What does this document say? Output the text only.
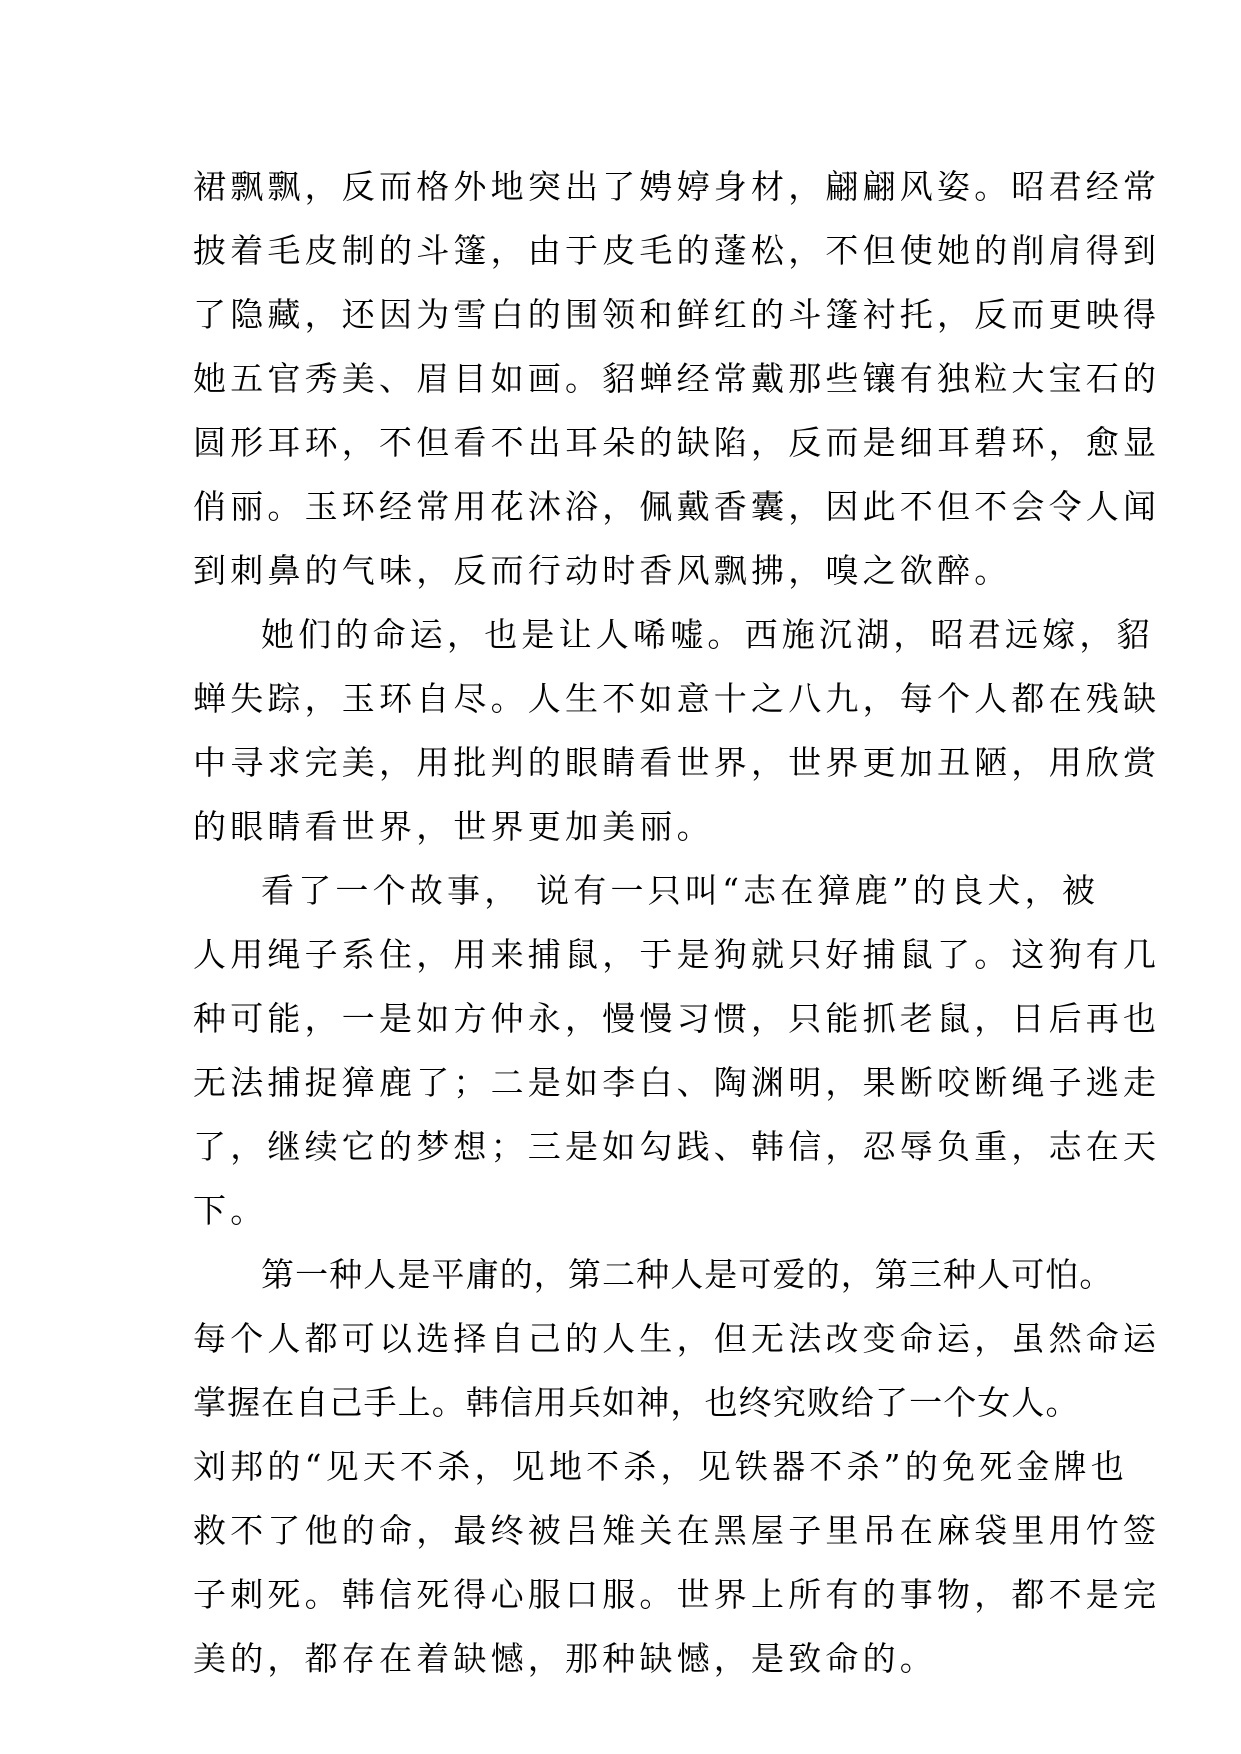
裙飘飘，反而格外地突出了娉婷身材，翩翩风姿。昭君经常
披着毛皮制的斗篷，由于皮毛的蓬松，不但使她的削肩得到
了隐藏，还因为雪白的围领和鲜红的斗篷衬托，反而更映得
她五官秀美、眉目如画。貂蝉经常戴那些镶有独粒大宝石的
圆形耳环，不但看不出耳朵的缺陷，反而是细耳碧环，愈显
俏丽。玉环经常用花沐浴，佩戴香囊，因此不但不会令人闻
到刺鼻的气味，反而行动时香风飘拂，嗅之欲醉。
她们的命运，也是让人唏嘘。西施沉湖，昭君远嫁，貂
蝉失踪，玉环自尽。人生不如意十之八九，每个人都在残缺
中寻求完美，用批判的眼睛看世界，世界更加丑陋，用欣赏
的眼睛看世界，世界更加美丽。
看了一个故事， 说有一只叫“志在獐鹿”的良犬，被
人用绳子系住，用来捕鼠，于是狗就只好捕鼠了。这狗有几
种可能，一是如方仲永，慢慢习惯，只能抓老鼠，日后再也
无法捕捉獐鹿了；二是如李白、陶渊明，果断咬断绳子逃走
了，继续它的梦想；三是如勾践、韩信，忍辱负重，志在天
下。
第一种人是平庸的，第二种人是可爱的，第三种人可怕。
每个人都可以选择自己的人生，但无法改变命运，虽然命运
掌握在自己手上。韩信用兵如神，也终究败给了一个女人。
刘邦的“见天不杀，见地不杀，见铁器不杀”的免死金牌也
救不了他的命，最终被吕雉关在黑屋子里吊在麻袋里用竹签
子刺死。韩信死得心服口服。世界上所有的事物，都不是完
美的，都存在着缺憾，那种缺憾，是致命的。
